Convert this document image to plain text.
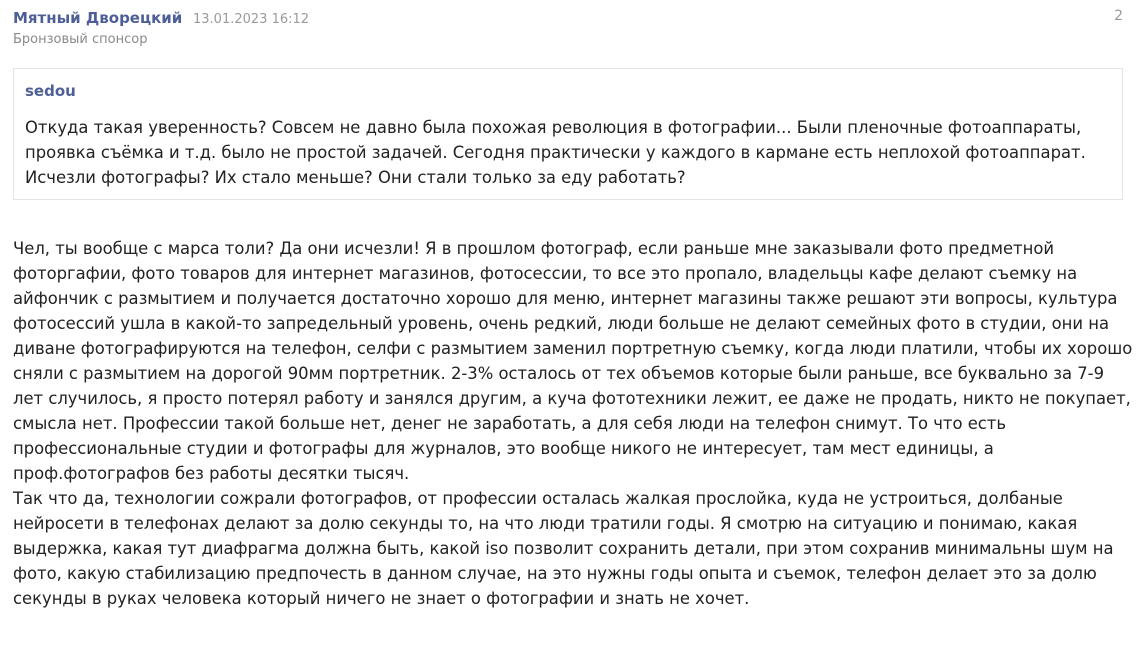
Мятный Дворецкий 13.01.2023 16:12
Бронзовый спонсор
2
sedou

Откуда такая уверенность? Совсем не давно была похожая революция в фотографии... Были пленочные фотоаппараты, проявка съёмка и т.д. было не простой задачей. Сегодня практически у каждого в кармане есть неплохой фотоаппарат. Исчезли фотографы? Их стало меньше? Они стали только за еду работать?

Чел, ты вообще с марса толи? Да они исчезли! Я в прошлом фотограф, если раньше мне заказывали фото предметной фоторгафии, фото товаров для интернет магазинов, фотосессии, то все это пропало, владельцы кафе делают съемку на айфончик с размытием и получается достаточно хорошо для меню, интернет магазины также решают эти вопросы, культура фотосессий ушла в какой-то запредельный уровень, очень редкий, люди больше не делают семейных фото в студии, они на диване фотографируются на телефон, селфи с размытием заменил портретную съемку, когда люди платили, чтобы их хорошо сняли с размытием на дорогой 90мм портретник. 2-3% осталось от тех объемов которые были раньше, все буквально за 7-9 лет случилось, я просто потерял работу и занялся другим, а куча фототехники лежит, ее даже не продать, никто не покупает, смысла нет. Профессии такой больше нет, денег не заработать, а для себя люди на телефон снимут. То что есть профессиональные студии и фотографы для журналов, это вообще никого не интересует, там мест единицы, а проф.фотографов без работы десятки тысяч.

Так что да, технологии сожрали фотографов, от профессии осталась жалкая прослойка, куда не устроиться, долбаные нейросети в телефонах делают за долю секунды то, на что люди тратили годы. Я смотрю на ситуацию и понимаю, какая выдержка, какая тут диафрагма должна быть, какой iso позволит сохранить детали, при этом сохранив минимальны шум на фото, какую стабилизацию предпочесть в данном случае, на это нужны годы опыта и съемок, телефон делает это за долю секунды в руках человека который ничего не знает о фотографии и знать не хочет.
